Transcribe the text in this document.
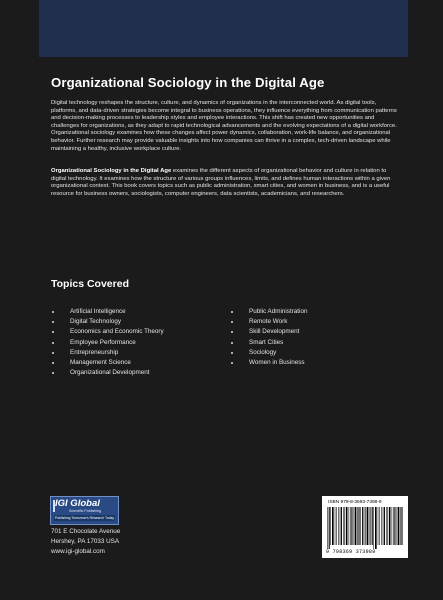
Organizational Sociology in the Digital Age

Digital technology reshapes the structure, culture, and dynamics of organizations in the interconnected world. As digital tools, platforms, and data-driven strategies become integral to business operations, they influence everything from communication patterns and decision-making processes to leadership styles and employee interactions. This shift has created new opportunities and challenges for organizations, as they adapt to rapid technological advancements and the evolving expectations of a digital workforce. Organizational sociology examines how these changes affect power dynamics, collaboration, work-life balance, and organizational behavior. Further research may provide valuable insights into how companies can thrive in a complex, tech-driven landscape while maintaining a healthy, inclusive workplace culture.

Organizational Sociology in the Digital Age examines the different aspects of organizational behavior and culture in relation to digital technology. It examines how the structure of various groups influences, limits, and defines human interactions within a given organizational context. This book covers topics such as public administration, smart cities, and women in business, and is a useful resource for business owners, sociologists, computer engineers, data scientists, academicians, and researchers.

Topics Covered
Artificial Intelligence
Digital Technology
Economics and Economic Theory
Employee Performance
Entrepreneurship
Management Science
Organizational Development
Public Administration
Remote Work
Skill Development
Smart Cities
Sociology
Women in Business
IGI Global
Scientific Publishing
Publishing Tomorrow's Research Today
701 E Chocolate Avenue
Hershey, PA 17033 USA
www.igi-global.com
ISBN 979-8-3693-7398-9
9 798369 373989
